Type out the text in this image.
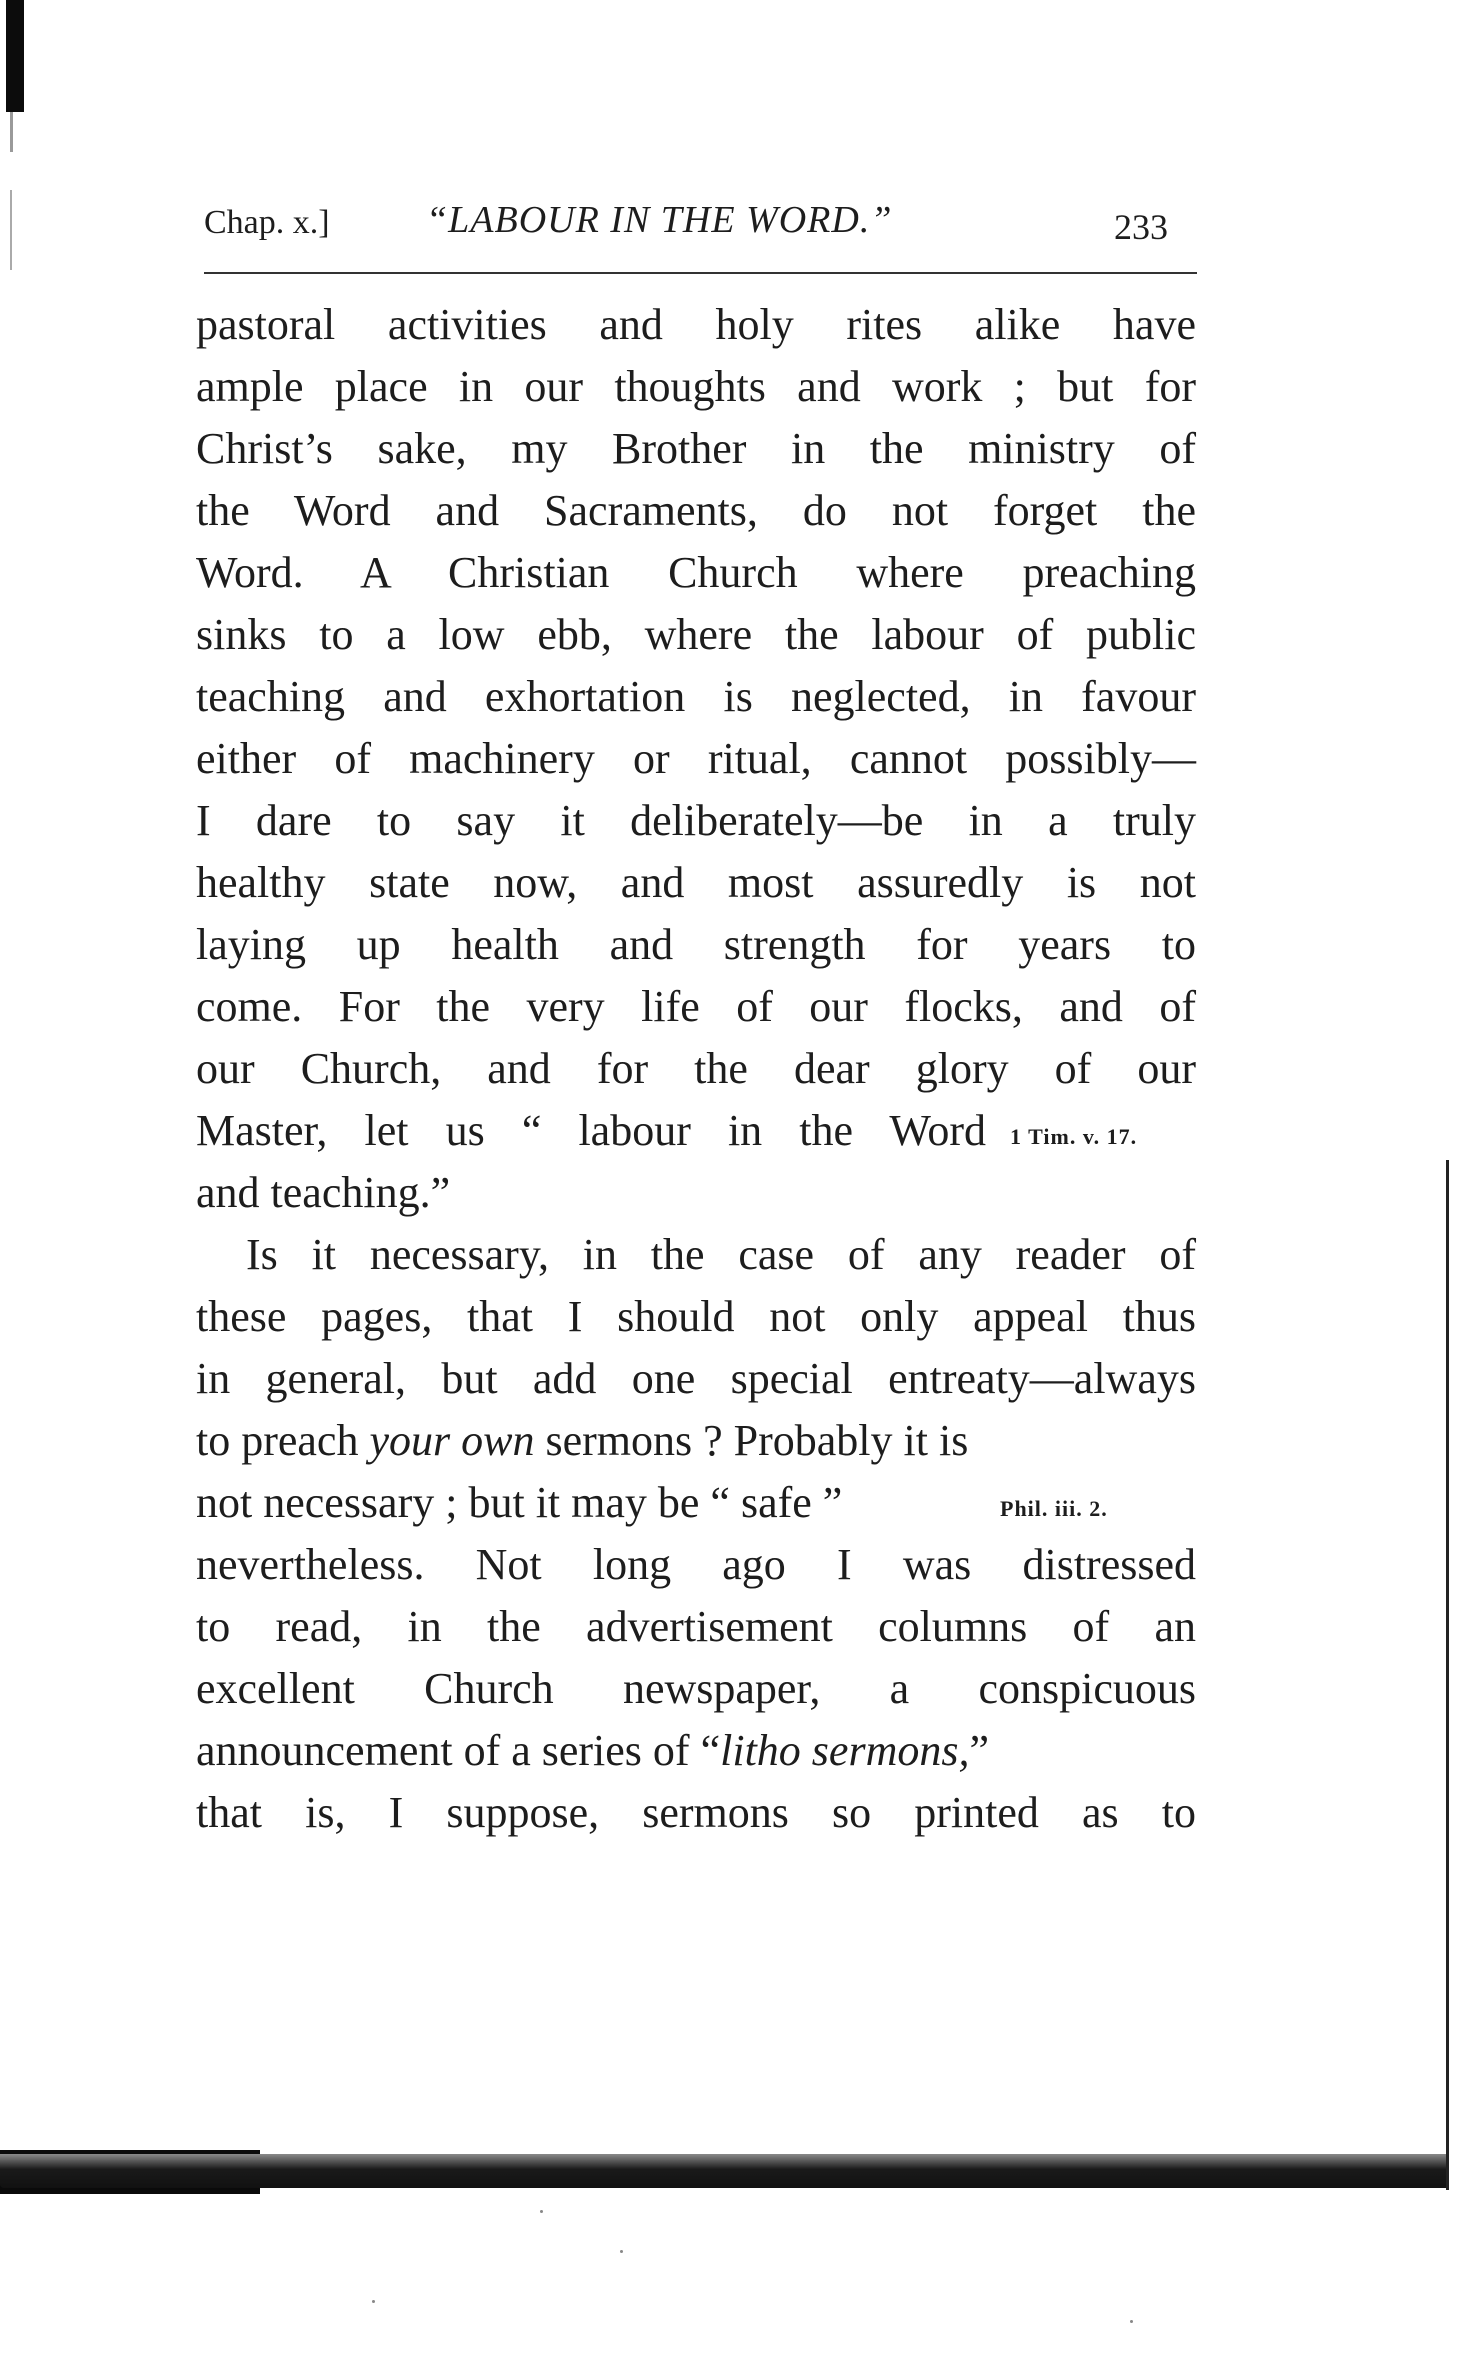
Chap. x.]	“LABOUR IN THE WORD.”	233
pastoral activities and holy rites alike have
ample place in our thoughts and work ; but for
Christ’s sake, my Brother in the ministry of
the Word and Sacraments, do not forget the
Word. A Christian Church where preaching
sinks to a low ebb, where the labour of public
teaching and exhortation is neglected, in favour
either of machinery or ritual, cannot possibly—
I dare to say it deliberately—be in a truly
healthy state now, and most assuredly is not
laying up health and strength for years to
come. For the very life of our flocks, and of
our Church, and for the dear glory of our
Master, let us “ labour in the Word 1 Tim. v. 17.
and teaching.”
Is it necessary, in the case of any reader of
these pages, that I should not only appeal thus
in general, but add one special entreaty—always
to preach your own sermons ? Probably it is
not necessary ; but it may be “ safe ”	Phil. iii. 2.
nevertheless. Not long ago I was distressed
to read, in the advertisement columns of an
excellent Church newspaper, a conspicuous
announcement of a series of “litho sermons,”
that is, I suppose, sermons so printed as to
